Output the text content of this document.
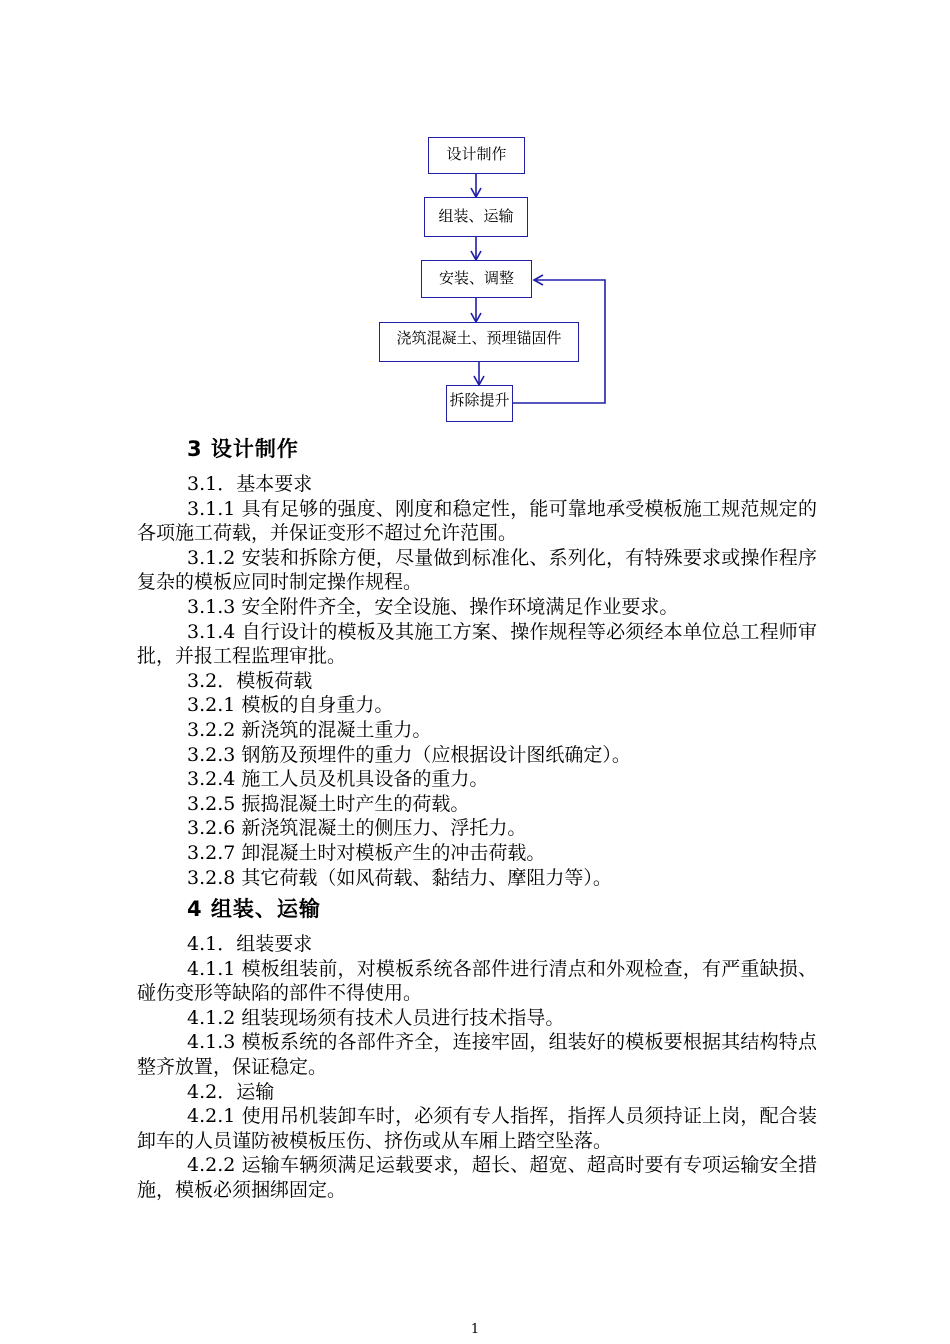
设计制作
组装、运输
安装、调整
浇筑混凝土、预埋锚固件
拆除提升
3 设计制作

3.1．基本要求

3.1.1 具有足够的强度、刚度和稳定性，能可靠地承受模板施工规范规定的各项施工荷载，并保证变形不超过允许范围。

3.1.2 安装和拆除方便，尽量做到标准化、系列化，有特殊要求或操作程序复杂的模板应同时制定操作规程。

3.1.3 安全附件齐全，安全设施、操作环境满足作业要求。

3.1.4 自行设计的模板及其施工方案、操作规程等必须经本单位总工程师审批，并报工程监理审批。

3.2．模板荷载

3.2.1 模板的自身重力。

3.2.2 新浇筑的混凝土重力。

3.2.3 钢筋及预埋件的重力（应根据设计图纸确定）。

3.2.4 施工人员及机具设备的重力。

3.2.5 振捣混凝土时产生的荷载。

3.2.6 新浇筑混凝土的侧压力、浮托力。

3.2.7 卸混凝土时对模板产生的冲击荷载。

3.2.8 其它荷载（如风荷载、黏结力、摩阻力等）。

4 组装、运输

4.1．组装要求

4.1.1 模板组装前，对模板系统各部件进行清点和外观检查，有严重缺损、碰伤变形等缺陷的部件不得使用。

4.1.2 组装现场须有技术人员进行技术指导。

4.1.3 模板系统的各部件齐全，连接牢固，组装好的模板要根据其结构特点整齐放置，保证稳定。

4.2．运输

4.2.1 使用吊机装卸车时，必须有专人指挥，指挥人员须持证上岗，配合装卸车的人员谨防被模板压伤、挤伤或从车厢上踏空坠落。

4.2.2 运输车辆须满足运载要求，超长、超宽、超高时要有专项运输安全措施，模板必须捆绑固定。

1
